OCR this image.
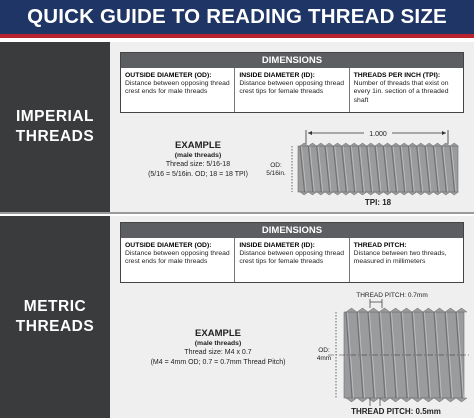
QUICK GUIDE TO READING THREAD SIZE
IMPERIAL
THREADS
DIMENSIONS
OUTSIDE DIAMETER (OD):
Distance between opposing thread crest ends for male threads
INSIDE DIAMETER (ID):
Distance between opposing thread crest tips for female threads
THREADS PER INCH (TPI):
Number of threads that exist on every 1in. section of a threaded shaft
EXAMPLE
(male threads)
Thread size: 5/16-18
(5/16 = 5/16in. OD; 18 = 18 TPI)
1.000
OD:
5/16in.
TPI: 18
METRIC
THREADS
DIMENSIONS
OUTSIDE DIAMETER (OD):
Distance between opposing thread crest ends for male threads
INSIDE DIAMETER (ID):
Distance between opposing thread crest tips for female threads
THREAD PITCH:
Distance between two threads, measured in millimeters
EXAMPLE
(male threads)
Thread size: M4 x 0.7
(M4 = 4mm OD; 0.7 = 0.7mm Thread Pitch)
THREAD PITCH: 0.7mm
OD:
4mm
THREAD PITCH: 0.5mm
